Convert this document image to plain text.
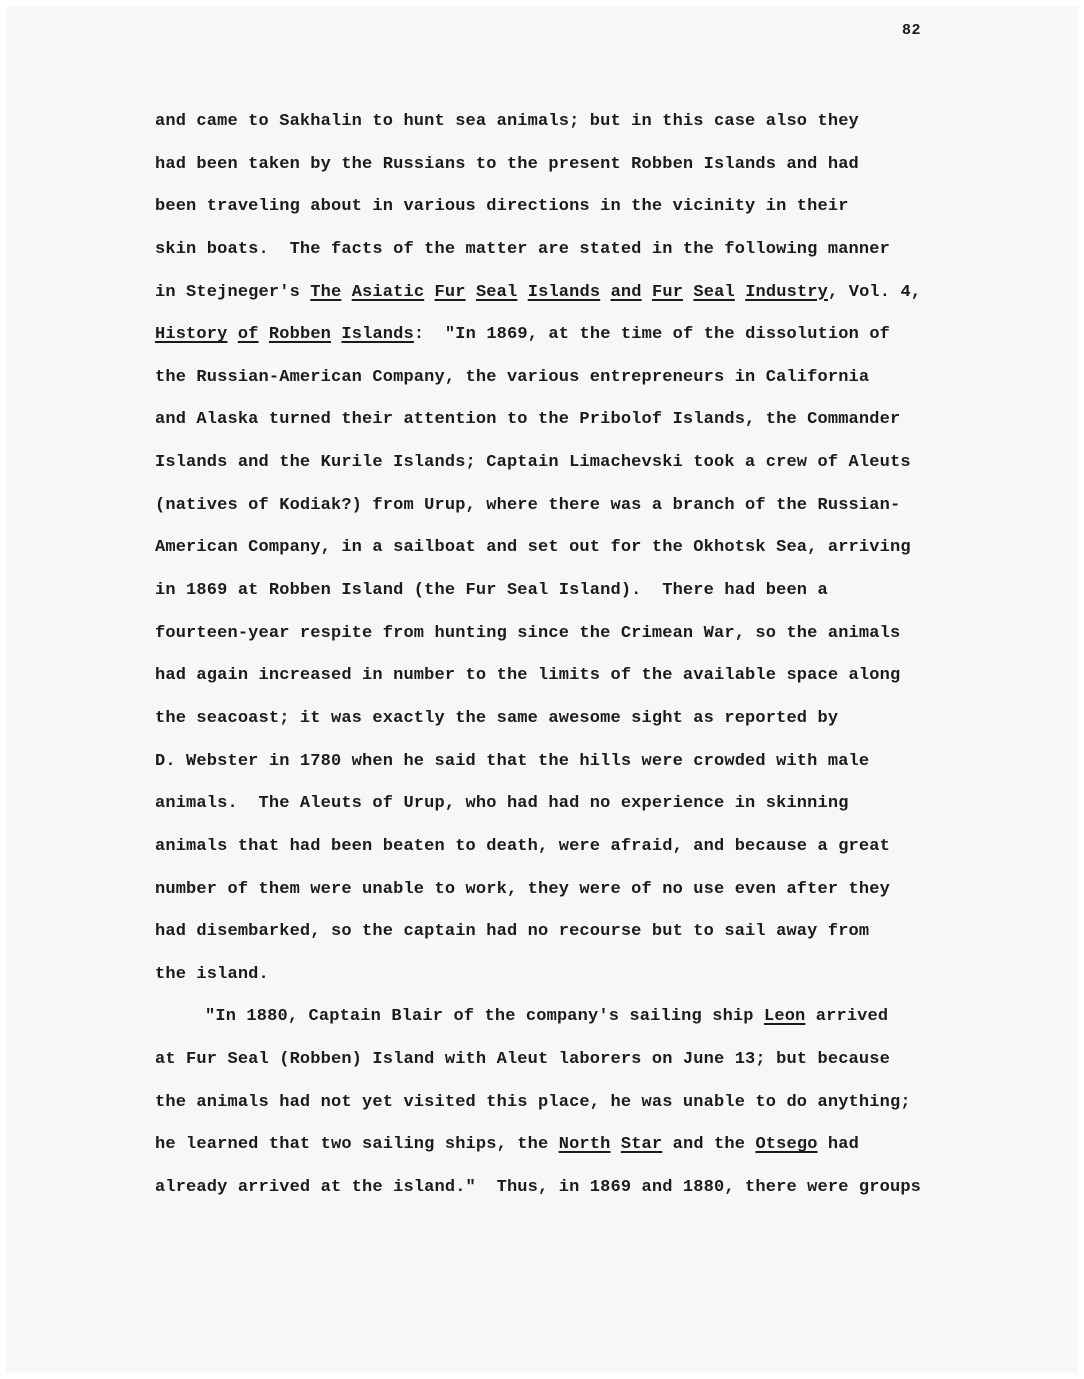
82
and came to Sakhalin to hunt sea animals; but in this case also they
had been taken by the Russians to the present Robben Islands and had
been traveling about in various directions in the vicinity in their
skin boats.  The facts of the matter are stated in the following manner
in Stejneger's The Asiatic Fur Seal Islands and Fur Seal Industry, Vol. 4,
History of Robben Islands:  "In 1869, at the time of the dissolution of
the Russian-American Company, the various entrepreneurs in California
and Alaska turned their attention to the Pribolof Islands, the Commander
Islands and the Kurile Islands; Captain Limachevski took a crew of Aleuts
(natives of Kodiak?) from Urup, where there was a branch of the Russian-
American Company, in a sailboat and set out for the Okhotsk Sea, arriving
in 1869 at Robben Island (the Fur Seal Island).  There had been a
fourteen-year respite from hunting since the Crimean War, so the animals
had again increased in number to the limits of the available space along
the seacoast; it was exactly the same awesome sight as reported by
D. Webster in 1780 when he said that the hills were crowded with male
animals.  The Aleuts of Urup, who had had no experience in skinning
animals that had been beaten to death, were afraid, and because a great
number of them were unable to work, they were of no use even after they
had disembarked, so the captain had no recourse but to sail away from
the island.
"In 1880, Captain Blair of the company's sailing ship Leon arrived
at Fur Seal (Robben) Island with Aleut laborers on June 13; but because
the animals had not yet visited this place, he was unable to do anything;
he learned that two sailing ships, the North Star and the Otsego had
already arrived at the island."  Thus, in 1869 and 1880, there were groups
